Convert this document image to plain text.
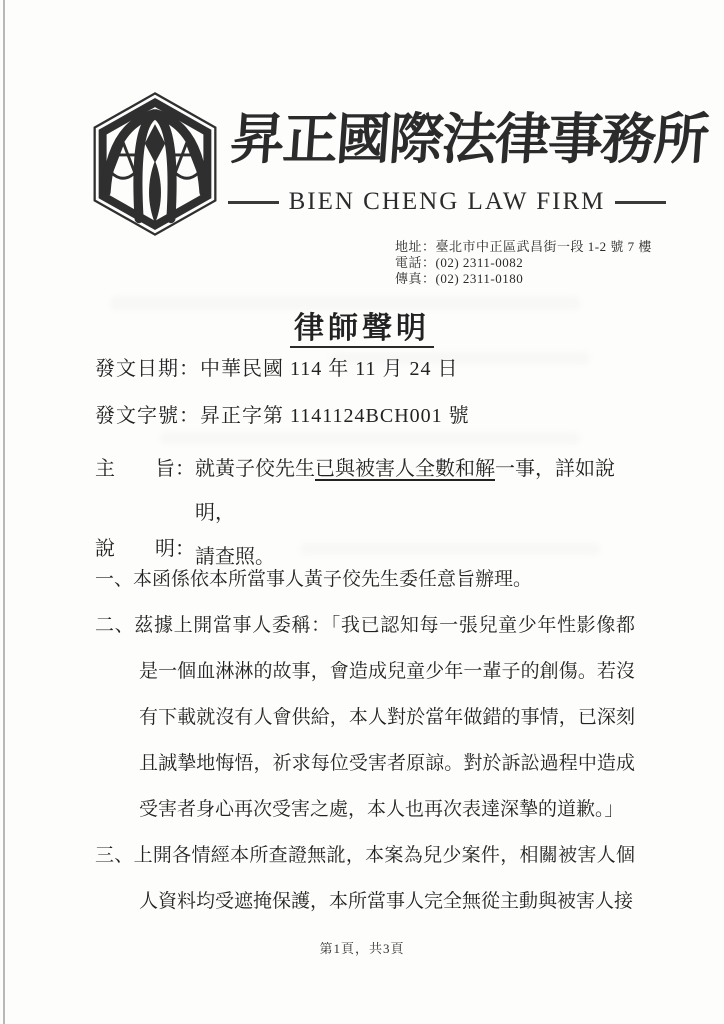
昇正國際法律事務所
BIEN CHENG LAW FIRM
地址：臺北市中正區武昌街一段 1-2 號 7 樓
電話：(02) 2311-0082
傳真：(02) 2311-0180
律師聲明
發文日期：中華民國 114 年 11 月 24 日
發文字號：昇正字第 1141124BCH001 號
主　　旨： 就黃子佼先生已與被害人全數和解一事，詳如說明，
請查照。
說　　明：
一、本函係依本所當事人黃子佼先生委任意旨辦理。
二、茲據上開當事人委稱：「我已認知每一張兒童少年性影像都是一個血淋淋的故事，會造成兒童少年一輩子的創傷。若沒有下載就沒有人會供給，本人對於當年做錯的事情，已深刻且誠摯地悔悟，祈求每位受害者原諒。對於訴訟過程中造成受害者身心再次受害之處，本人也再次表達深摯的道歉。」
三、上開各情經本所查證無訛，本案為兒少案件，相關被害人個人資料均受遮掩保護，本所當事人完全無從主動與被害人接
第1頁，共3頁
